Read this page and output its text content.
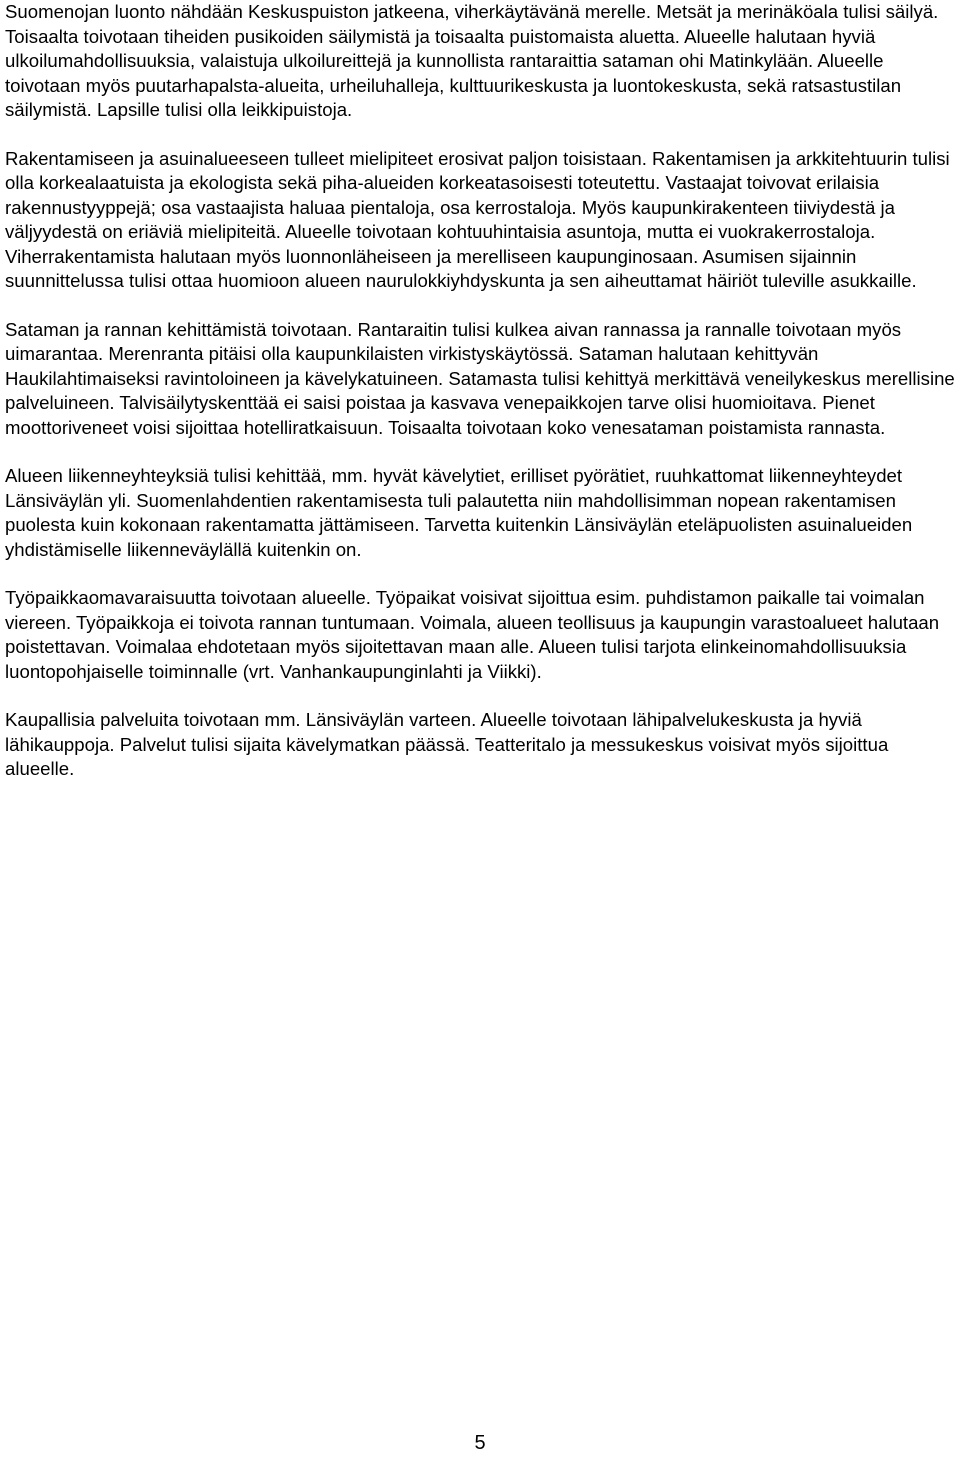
Suomenojan luonto nähdään Keskuspuiston jatkeena, viherkäytävänä merelle. Metsät ja merinäköala tulisi säilyä. Toisaalta toivotaan tiheiden pusikoiden säilymistä ja toisaalta puistomaista aluetta. Alueelle halutaan hyviä ulkoilumahdollisuuksia, valaistuja ulkoilureittejä ja kunnollista rantaraittia sataman ohi Matinkylään. Alueelle toivotaan myös puutarhapalsta-alueita, urheiluhalleja, kulttuurikeskusta ja luontokeskusta, sekä ratsastustilan säilymistä. Lapsille tulisi olla leikkipuistoja.

Rakentamiseen ja asuinalueeseen tulleet mielipiteet erosivat paljon toisistaan. Rakentamisen ja arkkitehtuurin tulisi olla korkealaatuista ja ekologista sekä piha-alueiden korkeatasoisesti toteutettu. Vastaajat toivovat erilaisia rakennustyyppejä; osa vastaajista haluaa pientaloja, osa kerrostaloja. Myös kaupunkirakenteen tiiviydestä ja väljyydestä on eriäviä mielipiteitä. Alueelle toivotaan kohtuuhintaisia asuntoja, mutta ei vuokrakerrostaloja. Viherrakentamista halutaan myös luonnonläheiseen ja merelliseen kaupunginosaan. Asumisen sijainnin suunnittelussa tulisi ottaa huomioon alueen naurulokkiyhdyskunta ja sen aiheuttamat häiriöt tuleville asukkaille.

Sataman ja rannan kehittämistä toivotaan. Rantaraitin tulisi kulkea aivan rannassa ja rannalle toivotaan myös uimarantaa. Merenranta pitäisi olla kaupunkilaisten virkistyskäytössä. Sataman halutaan kehittyvän Haukilahtimaiseksi ravintoloineen ja kävelykatuineen. Satamasta tulisi kehittyä merkittävä veneilykeskus merellisine palveluineen. Talvisäilytyskenttää ei saisi poistaa ja kasvava venepaikkojen tarve olisi huomioitava. Pienet moottoriveneet voisi sijoittaa hotelliratkaisuun. Toisaalta toivotaan koko venesataman poistamista rannasta.

Alueen liikenneyhteyksiä tulisi kehittää, mm. hyvät kävelytiet, erilliset pyörätiet, ruuhkattomat liikenneyhteydet Länsiväylän yli. Suomenlahdentien rakentamisesta tuli palautetta niin mahdollisimman nopean rakentamisen puolesta kuin kokonaan rakentamatta jättämiseen. Tarvetta kuitenkin Länsiväylän eteläpuolisten asuinalueiden yhdistämiselle liikenneväylällä kuitenkin on.

Työpaikkaomavaraisuutta toivotaan alueelle. Työpaikat voisivat sijoittua esim. puhdistamon paikalle tai voimalan viereen. Työpaikkoja ei toivota rannan tuntumaan. Voimala, alueen teollisuus ja kaupungin varastoalueet halutaan poistettavan. Voimalaa ehdotetaan myös sijoitettavan maan alle. Alueen tulisi tarjota elinkeinomahdollisuuksia luontopohjaiselle toiminnalle (vrt. Vanhankaupunginlahti ja Viikki).

Kaupallisia palveluita toivotaan mm. Länsiväylän varteen. Alueelle toivotaan lähipalvelukeskusta ja hyviä lähikauppoja. Palvelut tulisi sijaita kävelymatkan päässä. Teatteritalo ja messukeskus voisivat myös sijoittua alueelle.

5
